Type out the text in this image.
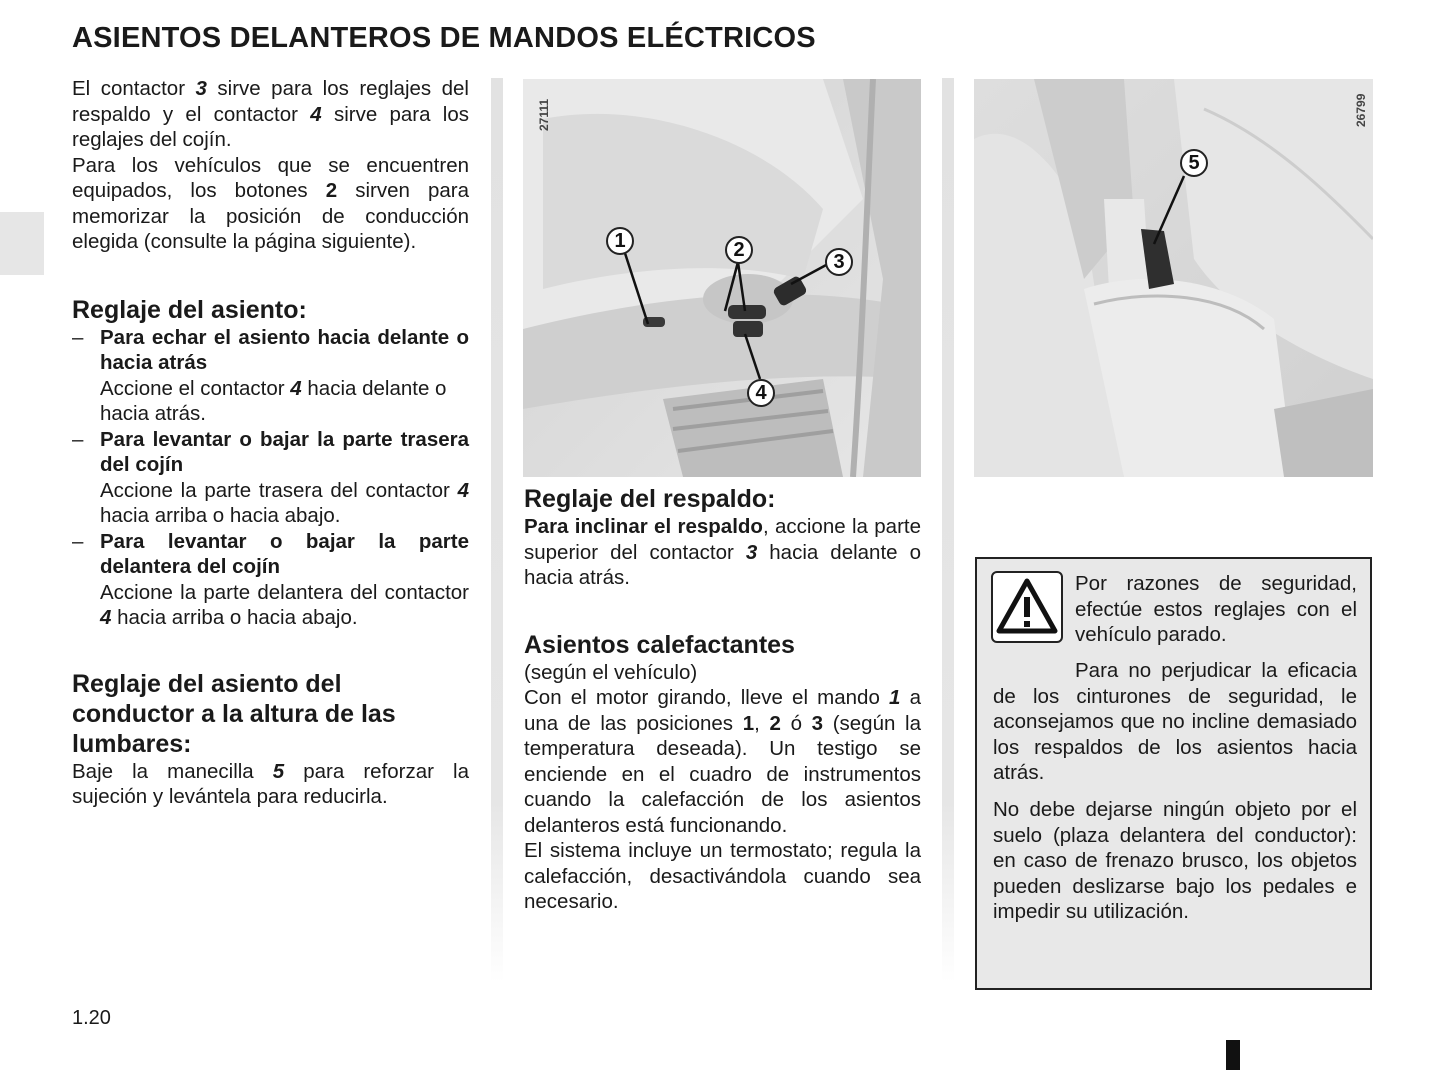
ASIENTOS DELANTEROS DE MANDOS ELÉCTRICOS

El contactor 3 sirve para los reglajes del respaldo y el contactor 4 sirve para los reglajes del cojín.

Para los vehículos que se encuentren equipados, los botones 2 sirven para memorizar la posición de conducción elegida (consulte la página siguiente).

Reglaje del asiento:
– Para echar el asiento hacia delante o hacia atrás

Accione el contactor 4 hacia delante o hacia atrás.

– Para levantar o bajar la parte trasera del cojín

Accione la parte trasera del contactor 4 hacia arriba o hacia abajo.

– Para levantar o bajar la parte delantera del cojín

Accione la parte delantera del contactor 4 hacia arriba o hacia abajo.

Reglaje del asiento del conductor a la altura de las lumbares:

Baje la manecilla 5 para reforzar la sujeción y levántela para reducirla.

27111
1	2
3
4
26799
5
Reglaje del respaldo:

Para inclinar el respaldo, accione la parte superior del contactor 3 hacia delante o hacia atrás.

Asientos calefactantes

(según el vehículo)

Con el motor girando, lleve el mando 1 a una de las posiciones 1, 2 ó 3 (según la temperatura deseada). Un testigo se enciende en el cuadro de instrumentos cuando la calefacción de los asientos delanteros está funcionando.

El sistema incluye un termostato; regula la calefacción, desactivándola cuando sea necesario.

Por razones de seguridad, efectúe estos reglajes con el vehículo parado.
Para no perjudicar la eficacia de los cinturones de seguridad, le aconsejamos que no incline demasiado los respaldos de los asientos hacia atrás.
No debe dejarse ningún objeto por el suelo (plaza delantera del conductor): en caso de frenazo brusco, los objetos pueden deslizarse bajo los pedales e impedir su utilización.
1.20
